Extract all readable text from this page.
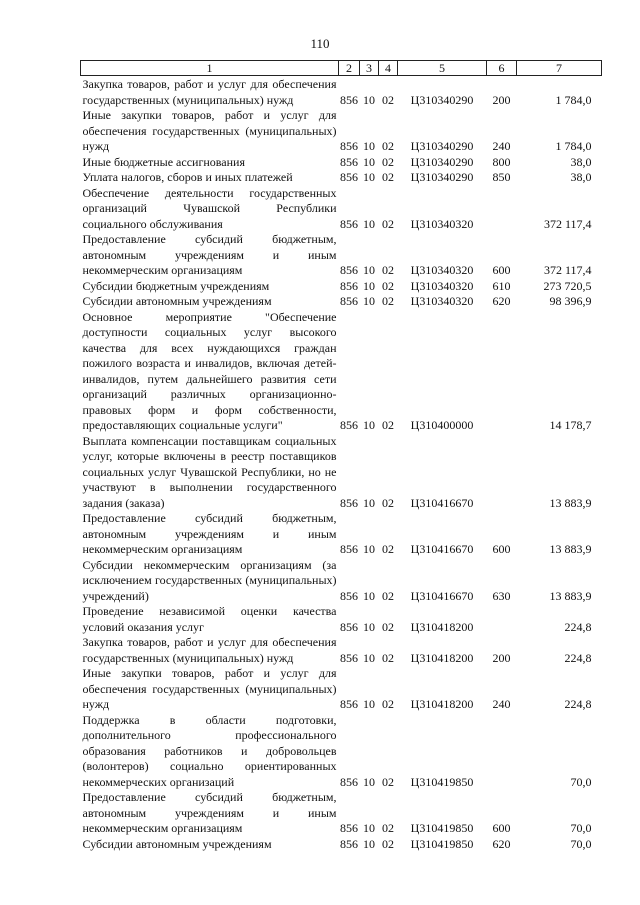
110
1	2	3	4	5	6	7
Закупка товаров, работ и услуг для обеспечения государственных (муниципальных) нужд	856	10	02	Ц310340290	200	1 784,0
Иные закупки товаров, работ и услуг для обеспечения государственных (муниципальных) нужд	856	10	02	Ц310340290	240	1 784,0
Иные бюджетные ассигнования	856	10	02	Ц310340290	800	38,0
Уплата налогов, сборов и иных платежей	856	10	02	Ц310340290	850	38,0
Обеспечение деятельности государственных организаций Чувашской Республики социального обслуживания	856	10	02	Ц310340320		372 117,4
Предоставление субсидий бюджетным, автономным учреждениям и иным некоммерческим организациям	856	10	02	Ц310340320	600	372 117,4
Субсидии бюджетным учреждениям	856	10	02	Ц310340320	610	273 720,5
Субсидии автономным учреждениям	856	10	02	Ц310340320	620	98 396,9
Основное мероприятие "Обеспечение доступности социальных услуг высокого качества для всех нуждающихся граждан пожилого возраста и инвалидов, включая детей-инвалидов, путем дальнейшего развития сети организаций различных организационно-правовых форм и форм собственности, предоставляющих социальные услуги"	856	10	02	Ц310400000		14 178,7
Выплата компенсации поставщикам социальных услуг, которые включены в реестр поставщиков социальных услуг Чувашской Республики, но не участвуют в выполнении государственного задания (заказа)	856	10	02	Ц310416670		13 883,9
Предоставление субсидий бюджетным, автономным учреждениям и иным некоммерческим организациям	856	10	02	Ц310416670	600	13 883,9
Субсидии некоммерческим организациям (за исключением государственных (муниципальных) учреждений)	856	10	02	Ц310416670	630	13 883,9
Проведение независимой оценки качества условий оказания услуг	856	10	02	Ц310418200		224,8
Закупка товаров, работ и услуг для обеспечения государственных (муниципальных) нужд	856	10	02	Ц310418200	200	224,8
Иные закупки товаров, работ и услуг для обеспечения государственных (муниципальных) нужд	856	10	02	Ц310418200	240	224,8
Поддержка в области подготовки, дополнительного профессионального образования работников и добровольцев (волонтеров) социально ориентированных некоммерческих организаций	856	10	02	Ц310419850		70,0
Предоставление субсидий бюджетным, автономным учреждениям и иным некоммерческим организациям	856	10	02	Ц310419850	600	70,0
Субсидии автономным учреждениям	856	10	02	Ц310419850	620	70,0
